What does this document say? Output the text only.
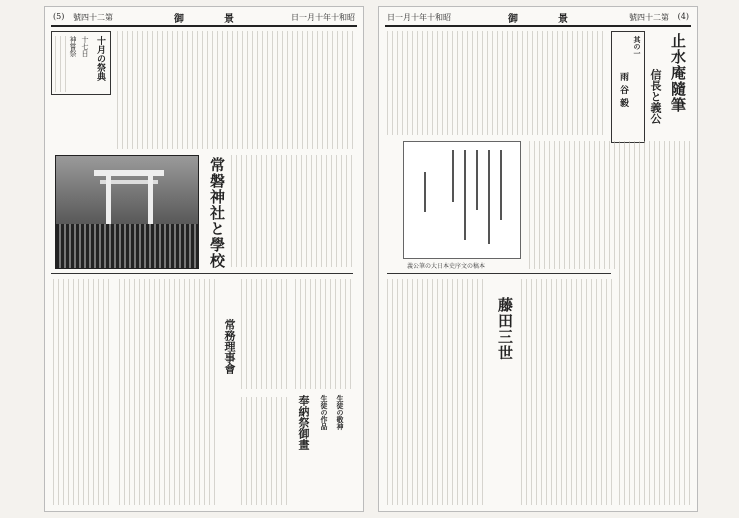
(5) 號四十二第	御　　　　景	日一月十年十和昭
十月の祭典
十七日
神嘗祭
常磐神社と學校
常務理事會
奉納祭御畫 生徒の作品 生徒の敬神
日一月十年十和昭	御　　　　景	號四十二第 (4)
止水庵隨筆
信長と義公
其の一
雨谷毅
義公筆の大日本史序文の稿本
藤田三世
